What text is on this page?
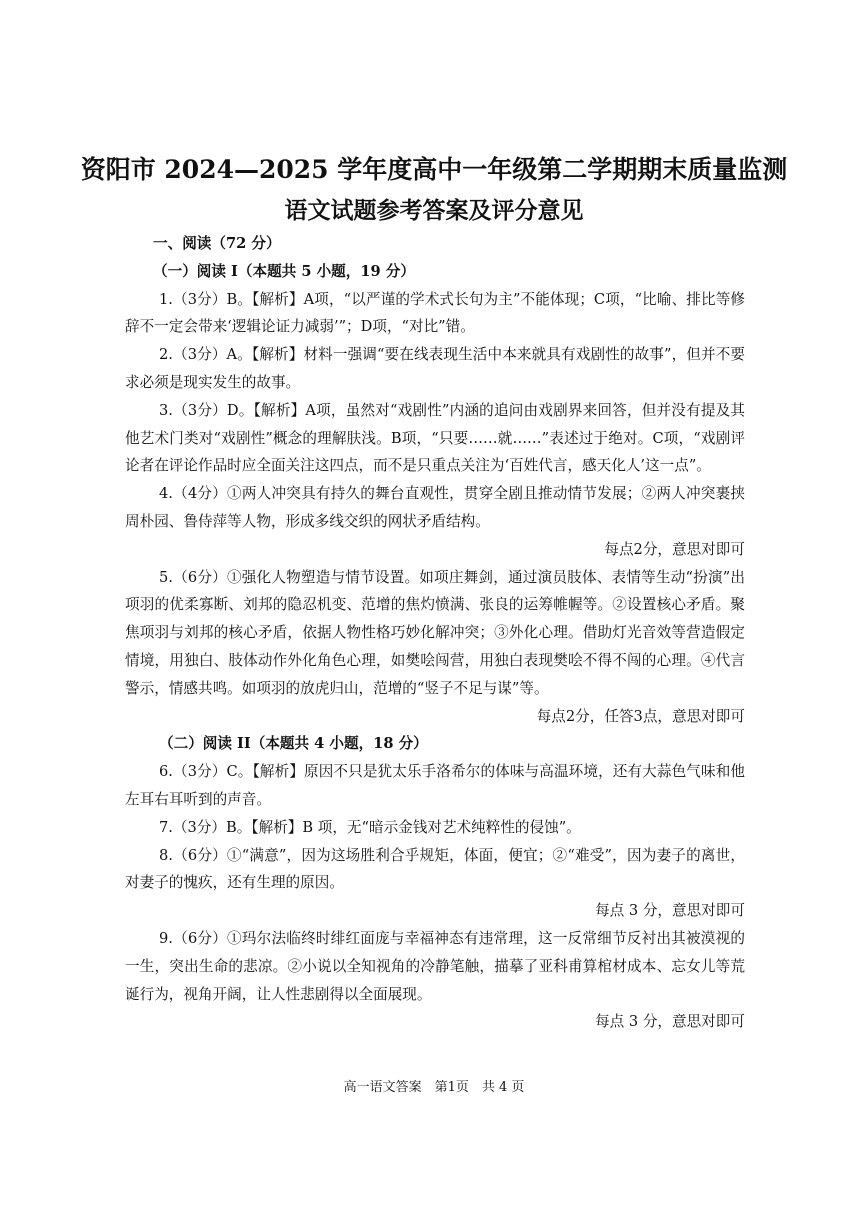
资阳市 2024—2025 学年度高中一年级第二学期期末质量监测
语文试题参考答案及评分意见
一、阅读（72 分）
（一）阅读 I（本题共 5 小题，19 分）
1.（3分）B。【解析】A项，“以严谨的学术式长句为主”不能体现；C项，“比喻、排比等修辞不一定会带来‘逻辑论证力减弱’”；D项，“对比”错。
2.（3分）A。【解析】材料一强调“要在线表现生活中本来就具有戏剧性的故事”，但并不要求必须是现实发生的故事。
3.（3分）D。【解析】A项，虽然对“戏剧性”内涵的追问由戏剧界来回答，但并没有提及其他艺术门类对“戏剧性”概念的理解肤浅。B项，“只要……就……”表述过于绝对。C项，“戏剧评论者在评论作品时应全面关注这四点，而不是只重点关注为‘百姓代言，感天化人’这一点”。
4.（4分）①两人冲突具有持久的舞台直观性，贯穿全剧且推动情节发展；②两人冲突裹挟周朴园、鲁侍萍等人物，形成多线交织的网状矛盾结构。
每点2分，意思对即可
5.（6分）①强化人物塑造与情节设置。如项庄舞剑，通过演员肢体、表情等生动“扮演”出项羽的优柔寡断、刘邦的隐忍机变、范增的焦灼愤满、张良的运筹帷幄等。②设置核心矛盾。聚焦项羽与刘邦的核心矛盾，依据人物性格巧妙化解冲突；③外化心理。借助灯光音效等营造假定情境，用独白、肢体动作外化角色心理，如樊哙闯营，用独白表现樊哙不得不闯的心理。④代言警示，情感共鸣。如项羽的放虎归山，范增的“竖子不足与谋”等。
每点2分，任答3点，意思对即可
（二）阅读 II（本题共 4 小题，18 分）
6.（3分）C。【解析】原因不只是犹太乐手洛希尔的体味与高温环境，还有大蒜色气味和他左耳右耳听到的声音。
7.（3分）B。【解析】B 项，无“暗示金钱对艺术纯粹性的侵蚀”。
8.（6分）①“满意”，因为这场胜利合乎规矩，体面，便宜；②“难受”，因为妻子的离世，对妻子的愧疚，还有生理的原因。
每点 3 分，意思对即可
9.（6分）①玛尔法临终时绯红面庞与幸福神态有违常理，这一反常细节反衬出其被漠视的一生，突出生命的悲凉。②小说以全知视角的冷静笔触，描摹了亚科甫算棺材成本、忘女儿等荒诞行为，视角开阔，让人性悲剧得以全面展现。
每点 3 分，意思对即可
高一语文答案　第1页　共 4 页
